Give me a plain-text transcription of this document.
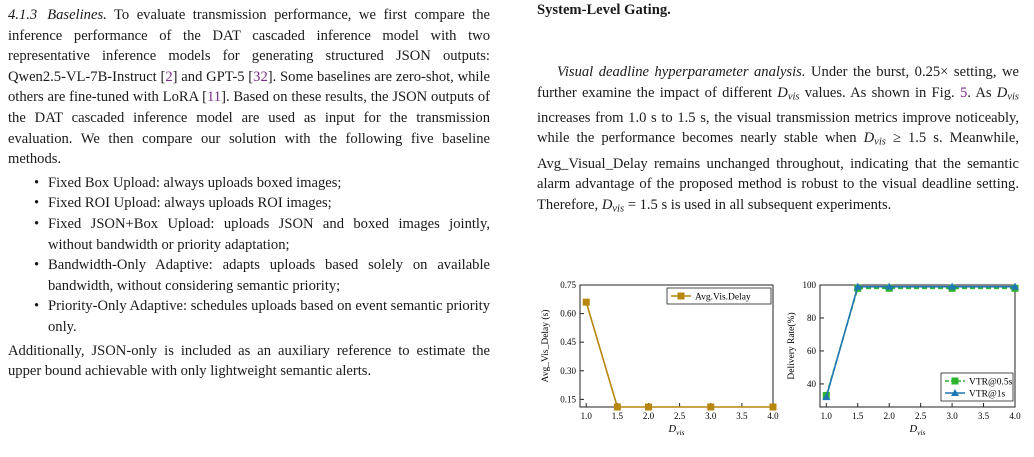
4.1.3 Baselines. To evaluate transmission performance, we first compare the inference performance of the DAT cascaded inference model with two representative inference models for generating structured JSON outputs: Qwen2.5-VL-7B-Instruct [2] and GPT-5 [32]. Some baselines are zero-shot, while others are fine-tuned with LoRA [11]. Based on these results, the JSON outputs of the DAT cascaded inference model are used as input for the transmission evaluation. We then compare our solution with the following five baseline methods.

• Fixed Box Upload: always uploads boxed images;
• Fixed ROI Upload: always uploads ROI images;
• Fixed JSON+Box Upload: uploads JSON and boxed images jointly, without bandwidth or priority adaptation;
• Bandwidth-Only Adaptive: adapts uploads based solely on available bandwidth, without considering semantic priority;
• Priority-Only Adaptive: schedules uploads based on event semantic priority only.

Additionally, JSON-only is included as an auxiliary reference to estimate the upper bound achievable with only lightweight semantic alerts.

System-Level Gating.

Visual deadline hyperparameter analysis. Under the burst, 0.25× setting, we further examine the impact of different $D_{vis}$ values. As shown in Fig. 5. As $D_{vis}$ increases from 1.0 s to 1.5 s, the visual transmission metrics improve noticeably, while the performance becomes nearly stable when $D_{vis} \ge 1.5$ s. Meanwhile, Avg_Visual_Delay remains unchanged throughout, indicating that the semantic alarm advantage of the proposed method is robust to the visual deadline setting. Therefore, $D_{vis} = 1.5$ s is used in all subsequent experiments.

0.15
0.30
0.45
0.60
0.75
1.0 1.5 2.0 2.5 3.0 3.5 4.0
Avg_Vis_Delay (s)
$D_{vis}$
Avg.Vis.Delay
40
60
80
100
1.0 1.5 2.0 2.5 3.0 3.5 4.0
Delivery Rate(%)
$D_{vis}$
VTR@0.5s
VTR@1s
